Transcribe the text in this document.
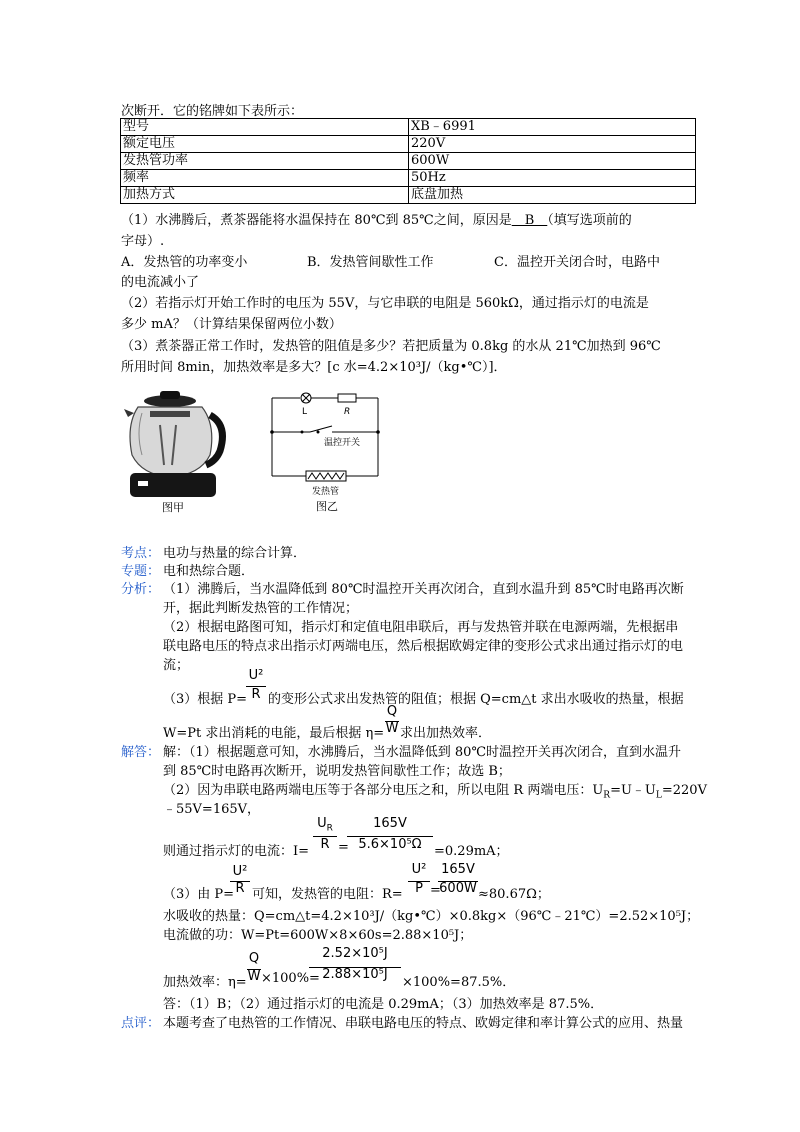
次断开．它的铭牌如下表所示：
型号	XB﹣6991
额定电压	220V
发热管功率	600W
频率	50Hz
加热方式	底盘加热
（1）水沸腾后，煮茶器能将水温保持在 80℃到 85℃之间，原因是　B　（填写选项前的
字母）.
A．发热管的功率变小	B．发热管间歇性工作	C．温控开关闭合时，电路中
的电流减小了
（2）若指示灯开始工作时的电压为 55V，与它串联的电阻是 560kΩ，通过指示灯的电流是
多少 mA？（计算结果保留两位小数）
（3）煮茶器正常工作时，发热管的阻值是多少？若把质量为 0.8kg 的水从 21℃加热到 96℃
所用时间 8min，加热效率是多大？[c 水=4.2×10³J/（kg•℃）]．
图甲
L	R
温控开关
发热管
图乙
考点： 电功与热量的综合计算．
专题： 电和热综合题．
分析： （1）沸腾后，当水温降低到 80℃时温控开关再次闭合，直到水温升到 85℃时电路再次断
开，据此判断发热管的工作情况；
（2）根据电路图可知，指示灯和定值电阻串联后，再与发热管并联在电源两端，先根据串
联电路电压的特点求出指示灯两端电压，然后根据欧姆定律的变形公式求出通过指示灯的电
流；
（3）根据 P=
U²
R 的变形公式求出发热管的阻值；根据 Q=cm△t 求出水吸收的热量，根据
W=Pt 求出消耗的电能，最后根据 η=
Q
W 求出加热效率．
解答： 解：（1）根据题意可知，水沸腾后，当水温降低到 80℃时温控开关再次闭合，直到水温升
到 85℃时电路再次断开，说明发热管间歇性工作；故选 B；
（2）因为串联电路两端电压等于各部分电压之和，所以电阻 R 两端电压：$U_R=U﹣U_L=220V$
﹣55V=165V，
则通过指示灯的电流：I=
$U_R$
R =
165V
5.6×10⁵Ω =0.29mA；
（3）由 P=
U²
R 可知，发热管的电阻：R=
U²
P =
165V
600W ≈80.67Ω；
水吸收的热量：Q=cm△t=4.2×10³J/（kg•℃）×0.8kg×（96℃﹣21℃）=2.52×10⁵J；
电流做的功：W=Pt=600W×8×60s=2.88×10⁵J；
加热效率：η=
Q
W ×100%=
2.52×10⁵J
2.88×10⁵J
×100%=87.5%．
答：（1）B；（2）通过指示灯的电流是 0.29mA；（3）加热效率是 87.5%．
点评： 本题考查了电热管的工作情况、串联电路电压的特点、欧姆定律和率计算公式的应用、热量
